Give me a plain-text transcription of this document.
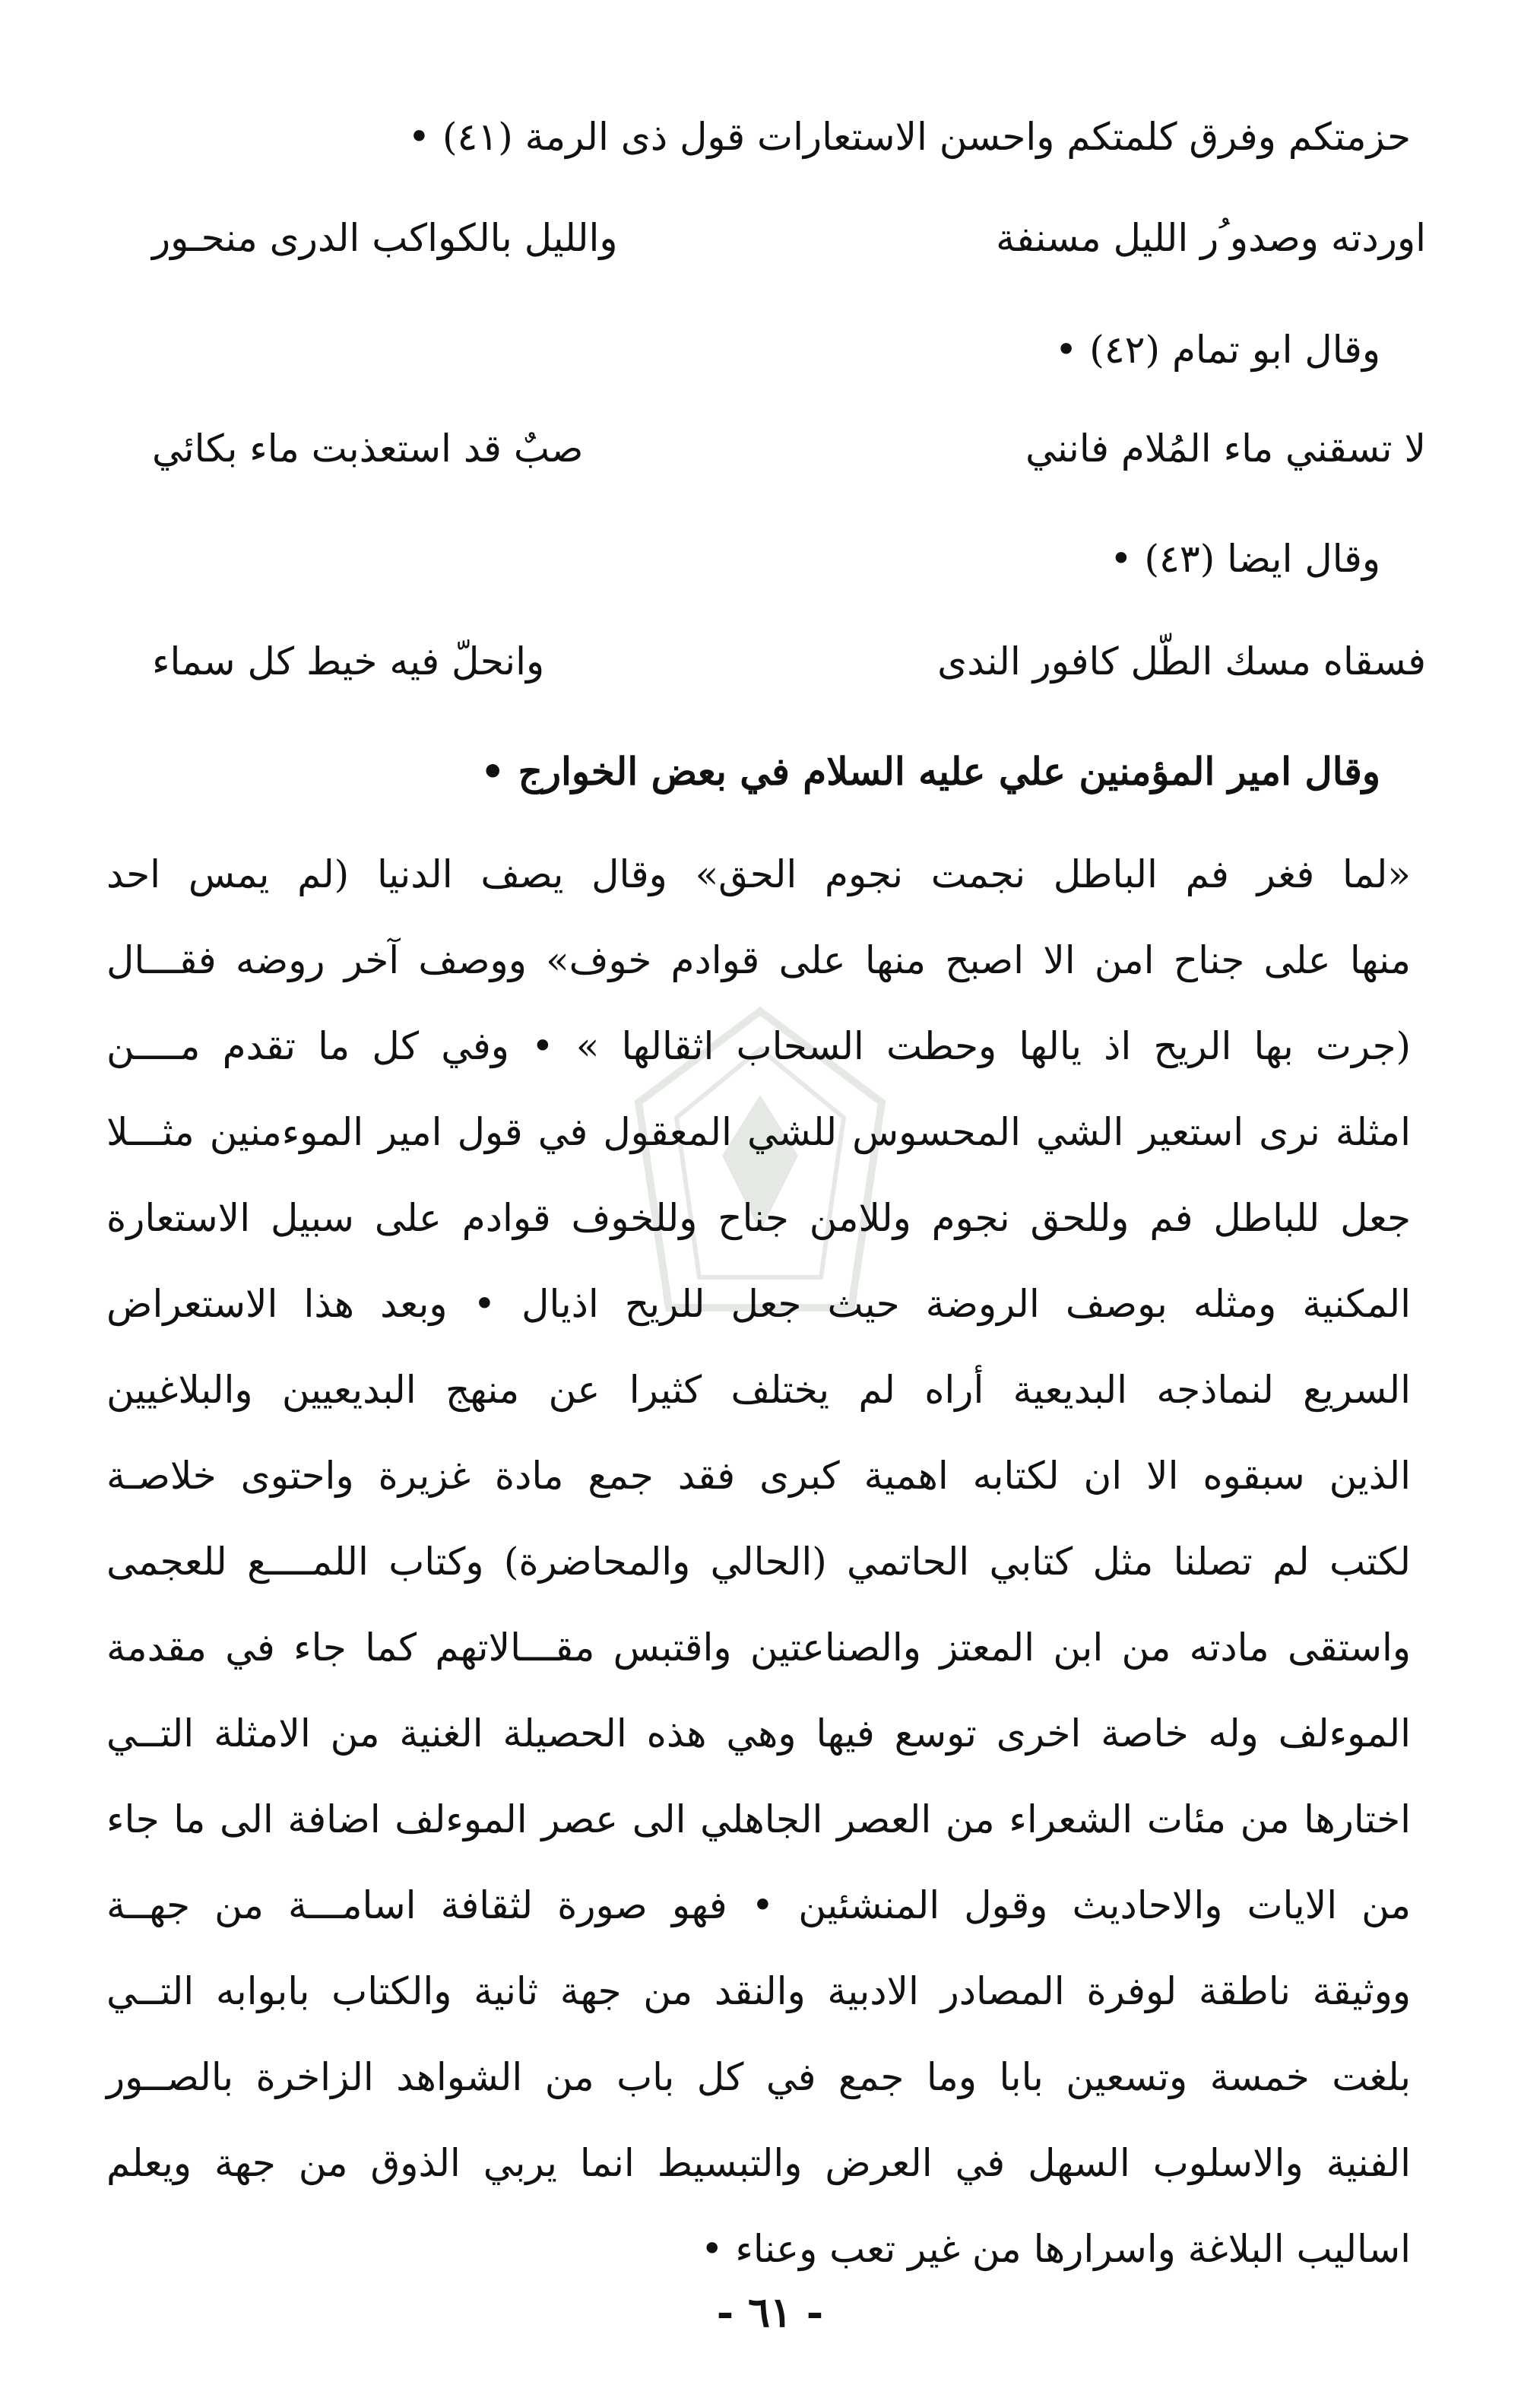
حزمتكم وفرق كلمتكم واحسن الاستعارات قول ذى الرمة (٤١) •
اوردته وصدو ُر الليل مسنفة
والليل بالكواكب الدرى منحـور
وقال ابو تمام (٤٢) •
لا تسقني ماء المُلام فانني
صبٌ قد استعذبت ماء بكائي
وقال ايضا (٤٣) •
فسقاه مسك الطّل كافور الندى
وانحلّ فيه خيط كل سماء
وقال امير المؤمنين علي عليه السلام في بعض الخوارج •
«لما فغر فم الباطل نجمت نجوم الحق» وقال يصف الدنيا (لم يمس احد
منها على جناح امن الا اصبح منها على قوادم خوف» ووصف آخر روضه فقـــال
(جرت بها الريح اذ يالها وحطت السحاب اثقالها » • وفي كل ما تقدم مــــن
امثلة نرى استعير الشي المحسوس للشي المعقول في قول امير الموءمنين مثـــلا
جعل للباطل فم وللحق نجوم وللامن جناح وللخوف قوادم على سبيل الاستعارة
المكنية ومثله بوصف الروضة حيث جعل للريح اذيال • وبعد هذا الاستعراض
السريع لنماذجه البديعية أراه لم يختلف كثيرا عن منهج البديعيين والبلاغيين
الذين سبقوه الا ان لكتابه اهمية كبرى فقد جمع مادة غزيرة واحتوى خلاصـة
لكتب لم تصلنا مثل كتابي الحاتمي (الحالي والمحاضرة) وكتاب اللمــــع للعجمى
واستقى مادته من ابن المعتز والصناعتين واقتبس مقـــالاتهم كما جاء في مقدمة
الموءلف وله خاصة اخرى توسع فيها وهي هذه الحصيلة الغنية من الامثلة التــي
اختارها من مئات الشعراء من العصر الجاهلي الى عصر الموءلف اضافة الى ما جاء
من الايات والاحاديث وقول المنشئين • فهو صورة لثقافة اسامـــة من جهــة
ووثيقة ناطقة لوفرة المصادر الادبية والنقد من جهة ثانية والكتاب بابوابه التــي
بلغت خمسة وتسعين بابا وما جمع في كل باب من الشواهد الزاخرة بالصــور
الفنية والاسلوب السهل في العرض والتبسيط انما يربي الذوق من جهة ويعلم
اساليب البلاغة واسرارها من غير تعب وعناء •
- ٦١ -
